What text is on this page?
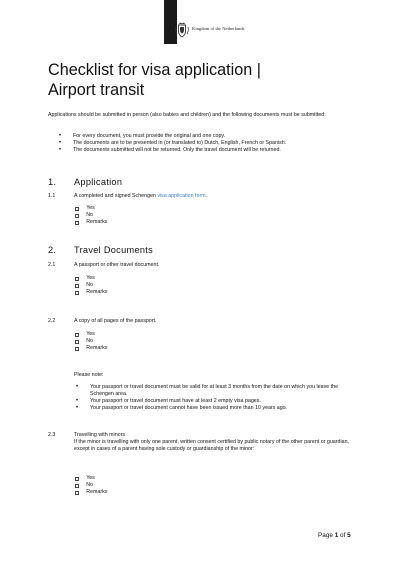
Kingdom of the Netherlands
Checklist for visa application |
Airport transit

Applications should be submitted in person (also babies and children) and the following documents must be submitted:

• For every document, you must provide the original and one copy.
• The documents are to be presented in (or translated to) Dutch, English, French or Spanish.
• The documents submitted will not be returned. Only the travel document will be returned.
1. Application
1.1	A completed and signed Schengen visa application form.
Yes
No
Remarks
2. Travel Documents
2.1	A passport or other travel document.
Yes
No
Remarks
2.2	A copy of all pages of the passport.
Yes
No
Remarks
Please note:
• Your passport or travel document must be valid for at least 3 months from the date on which you leave the Schengen area.
• Your passport or travel document must have at least 2 empty visa pages.
• Your passport or travel document cannot have been issued more than 10 years ago.
2.3	Travelling with minors
If the minor is travelling with only one parent, written consent certified by public notary of the other parent or guardian, except in cases of a parent having sole custody or guardianship of the minor:
Yes
No
Remarks
Page 1 of 5
